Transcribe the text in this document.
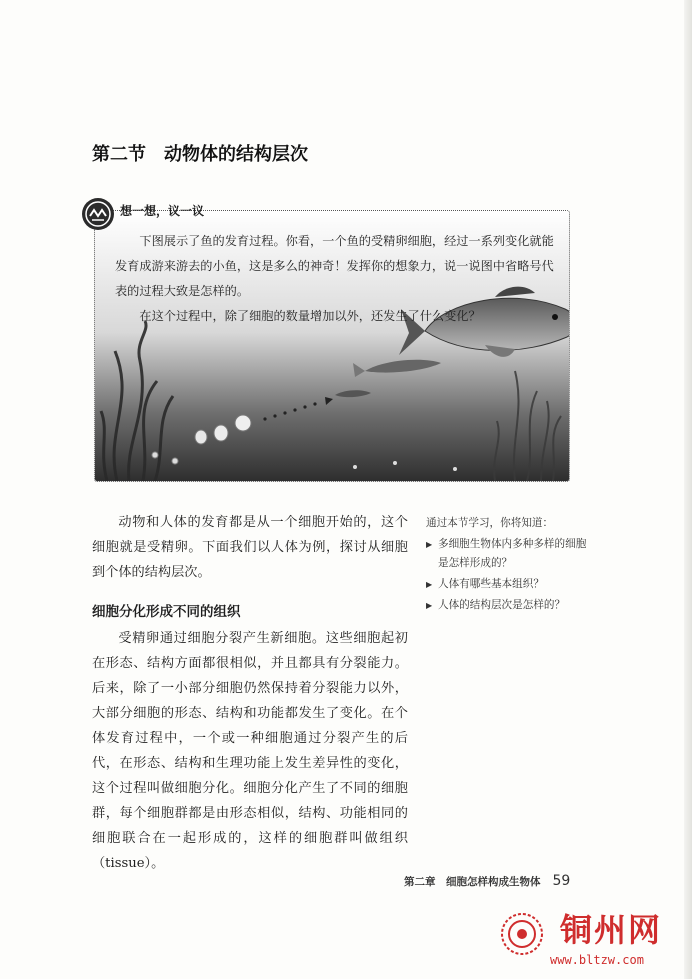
第二节 动物体的结构层次

下图展示了鱼的发育过程。你看，一个鱼的受精卵细胞，经过一系列变化就能发育成游来游去的小鱼，这是多么的神奇！发挥你的想象力，说一说图中省略号代表的过程大致是怎样的。

在这个过程中，除了细胞的数量增加以外，还发生了什么变化？

想一想，议一议

动物和人体的发育都是从一个细胞开始的，这个细胞就是受精卵。下面我们以人体为例，探讨从细胞到个体的结构层次。

细胞分化形成不同的组织

受精卵通过细胞分裂产生新细胞。这些细胞起初在形态、结构方面都很相似，并且都具有分裂能力。后来，除了一小部分细胞仍然保持着分裂能力以外，大部分细胞的形态、结构和功能都发生了变化。在个体发育过程中，一个或一种细胞通过分裂产生的后代，在形态、结构和生理功能上发生差异性的变化，这个过程叫做细胞分化。细胞分化产生了不同的细胞群，每个细胞群都是由形态相似，结构、功能相同的细胞联合在一起形成的，这样的细胞群叫做组织（tissue）。

通过本节学习，你将知道：

▶ 多细胞生物体内多种多样的细胞是怎样形成的？
▶ 人体有哪些基本组织？
▶ 人体的结构层次是怎样的？
第二章　细胞怎样构成生物体 59
铜州网
www.bltzw.com
